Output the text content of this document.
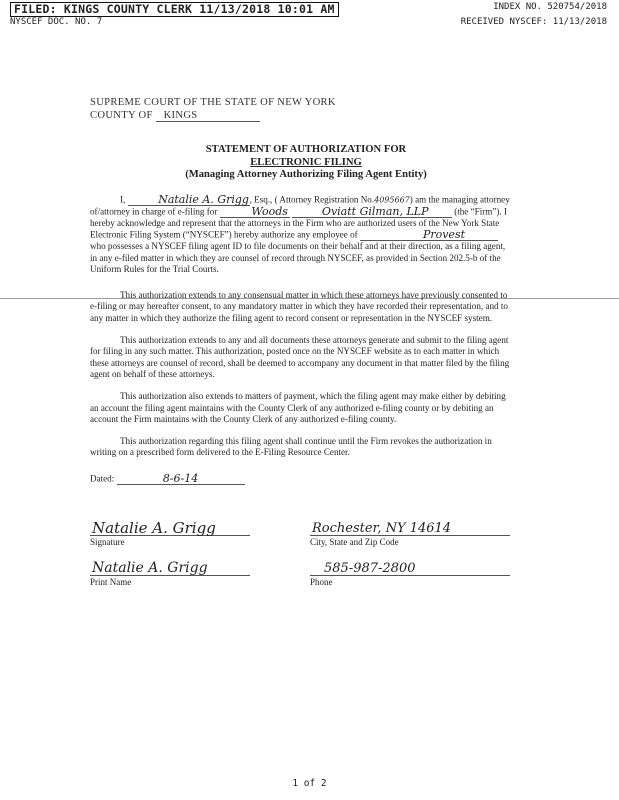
FILED: KINGS COUNTY CLERK 11/13/2018 10:01 AM
NYSCEF DOC. NO. 7
INDEX NO. 520754/2018
RECEIVED NYSCEF: 11/13/2018
SUPREME COURT OF THE STATE OF NEW YORK
COUNTY OF KINGS
STATEMENT OF AUTHORIZATION FOR
ELECTRONIC FILING
(Managing Attorney Authorizing Filing Agent Entity)

I,	Natalie A. Grigg, Esq., ( Attorney Registration No.4095667) am the managing attorney of/attorney in charge of e-filing for	Woods	Oviatt Gilman, LLP	(the “Firm”). I hereby acknowledge and represent that the attorneys in the Firm who are authorized users of the New York State Electronic Filing System (“NYSCEF”) hereby authorize any employee of	Provest who possesses a NYSCEF filing agent ID to file documents on their behalf and at their direction, as a filing agent, in any e-filed matter in which they are counsel of record through NYSCEF, as provided in Section 202.5-b of the Uniform Rules for the Trial Courts.

This authorization extends to any consensual matter in which these attorneys have previously consented to e-filing or may hereafter consent, to any mandatory matter in which they have recorded their representation, and to any matter in which they authorize the filing agent to record consent or representation in the NYSCEF system.

This authorization extends to any and all documents these attorneys generate and submit to the filing agent for filing in any such matter. This authorization, posted once on the NYSCEF website as to each matter in which these attorneys are counsel of record, shall be deemed to accompany any document in that matter filed by the filing agent on behalf of these attorneys.

This authorization also extends to matters of payment, which the filing agent may make either by debiting an account the filing agent maintains with the County Clerk of any authorized e-filing county or by debiting an account the Firm maintains with the County Clerk of any authorized e-filing county.

This authorization regarding this filing agent shall continue until the Firm revokes the authorization in writing on a prescribed form delivered to the E-Filing Resource Center.

Dated:	8-6-14
Natalie A. Grigg
Signature
Natalie A. Grigg
Print Name
Rochester, NY 14614
City, State and Zip Code
585-987-2800
Phone
1 of 2
